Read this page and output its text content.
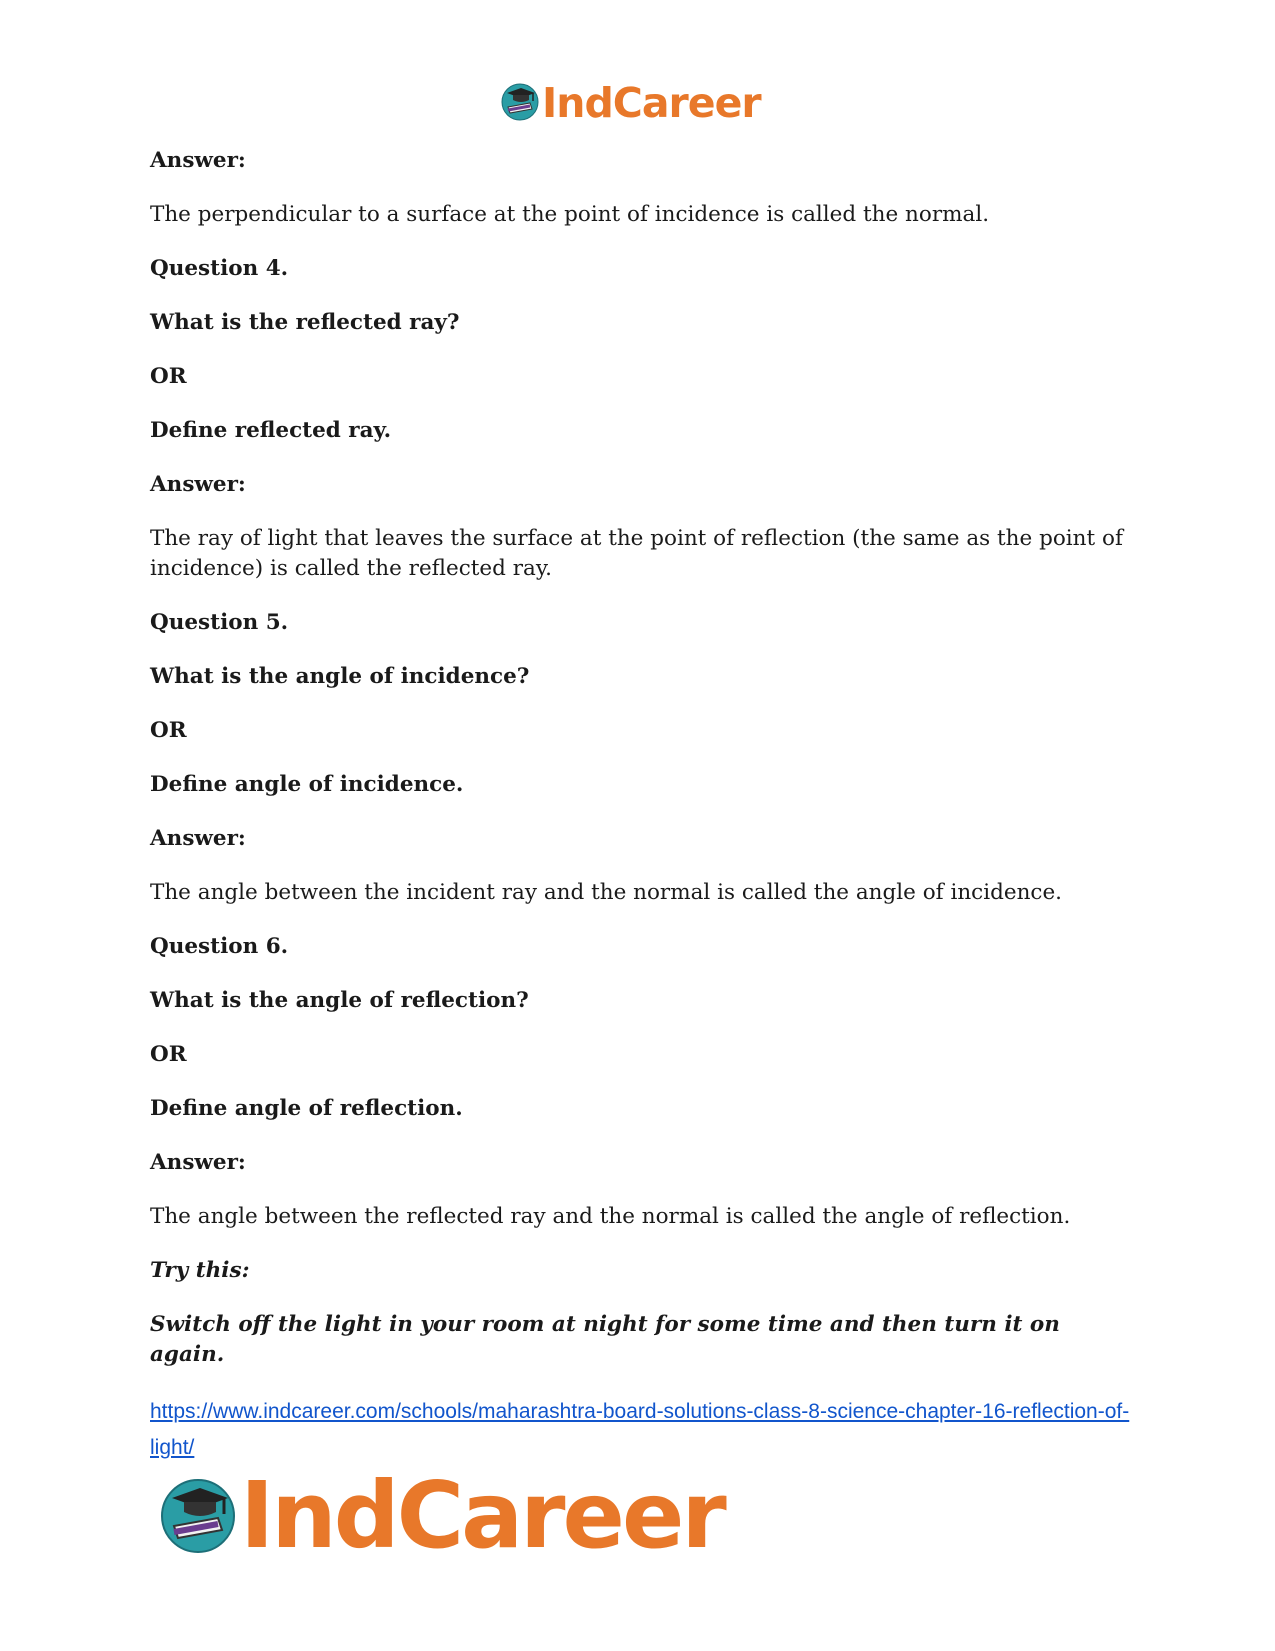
IndCareer

Answer:

The perpendicular to a surface at the point of incidence is called the normal.

Question 4.

What is the reflected ray?

OR

Define reflected ray.

Answer:

The ray of light that leaves the surface at the point of reflection (the same as the point of incidence) is called the reflected ray.

Question 5.

What is the angle of incidence?

OR

Define angle of incidence.

Answer:

The angle between the incident ray and the normal is called the angle of incidence.

Question 6.

What is the angle of reflection?

OR

Define angle of reflection.

Answer:

The angle between the reflected ray and the normal is called the angle of reflection.

Try this:

Switch off the light in your room at night for some time and then turn it on again.

https://www.indcareer.com/schools/maharashtra-board-solutions-class-8-science-chapter-16-reflection-of-light/
IndCareer
